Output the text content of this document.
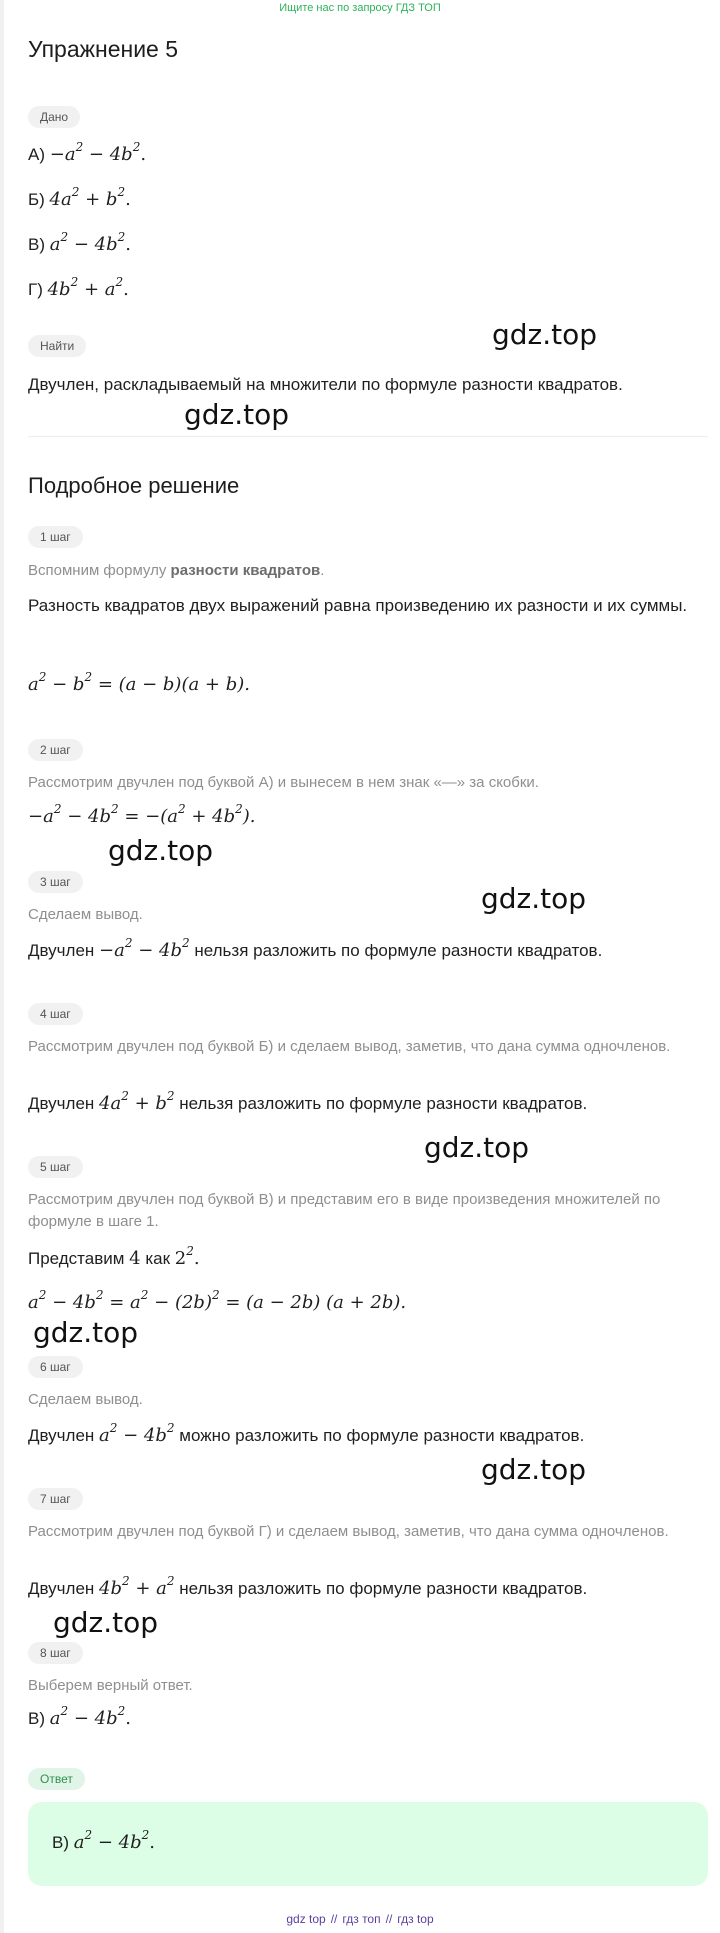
Ищите нас по запросу ГДЗ ТОП
Упражнение 5
Дано
$А) -a^2 - 4b^2$.
Б) $4a^2 + b^2$.
В) $a^2 - 4b^2$.
Г) $4b^2 + a^2$.
Найти
Двучлен, раскладываемый на множители по формуле разности квадратов.
Подробное решение
1 шаг
Вспомним формулу разности квадратов.
Разность квадратов двух выражений равна произведению их разности и их суммы.
$a^2 - b^2 = (a - b)(a + b)$.
2 шаг
Рассмотрим двучлен под буквой А) и вынесем в нем знак «—» за скобки.
$-a^2 - 4b^2 = -(a^2 + 4b^2)$.
3 шаг
Сделаем вывод.
Двучлен $-a^2 - 4b^2$ нельзя разложить по формуле разности квадратов.
4 шаг
Рассмотрим двучлен под буквой Б) и сделаем вывод, заметив, что дана сумма одночленов.
Двучлен $4a^2 + b^2$ нельзя разложить по формуле разности квадратов.
5 шаг
Рассмотрим двучлен под буквой В) и представим его в виде произведения множителей по формуле в шаге 1.
Представим 4 как $2^2$.
$a^2 - 4b^2 = a^2 - (2b)^2 = (a - 2b) (a + 2b)$.
6 шаг
Сделаем вывод.
Двучлен $a^2 - 4b^2$ можно разложить по формуле разности квадратов.
7 шаг
Рассмотрим двучлен под буквой Г) и сделаем вывод, заметив, что дана сумма одночленов.
Двучлен $4b^2 + a^2$ нельзя разложить по формуле разности квадратов.
8 шаг
Выберем верный ответ.
В) $a^2 - 4b^2$.
Ответ
В) $a^2 - 4b^2$.
gdz.top
gdz.top
gdz.top
gdz.top
gdz.top
gdz.top
gdz.top
gdz.top
gdz top // гдз топ // гдз top
